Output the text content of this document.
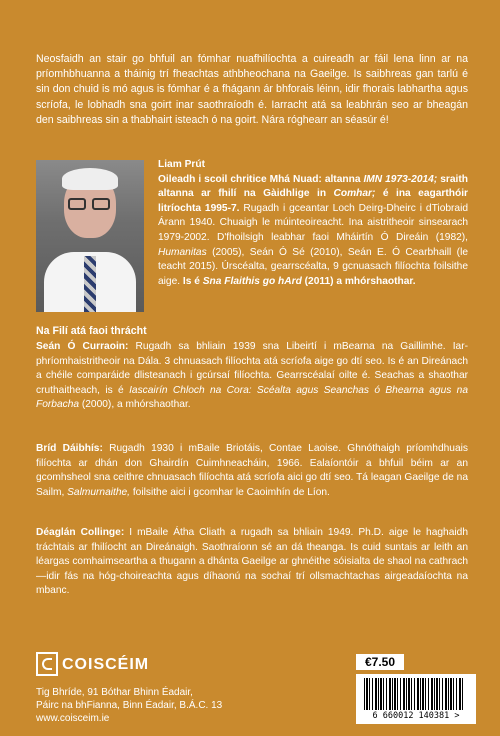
Neosfaidh an stair go bhfuil an fómhar nuafhilíochta a cuireadh ar fáil lena linn ar na príomhbhuanna a tháinig trí fheachtas athbheochana na Gaeilge. Is saibhreas gan tarlú é sin don chuid is mó agus is fómhar é a fhágann ár bhforais léinn, idir fhorais labhartha agus scríofa, le lobhadh sna goirt inar saothraíodh é. Iarracht atá sa leabhrán seo ar bheagán den saibhreas sin a thabhairt isteach ó na goirt. Nára róghearr an séasúr é!

Liam Prút
Oileadh i scoil chritice Mhá Nuad: altanna IMN 1973-2014; sraith altanna ar fhilí na Gàidhlige in Comhar; é ina eagarthóir litríochta 1995-7. Rugadh i gceantar Loch Deirg-Dheirc i dTiobraid Árann 1940. Chuaigh le múinteoireacht. Ina aistritheoir sinsearach 1979-2002. D'fhoilsigh leabhar faoi Mháirtín Ó Direáin (1982), Humanitas (2005), Seán Ó Sé (2010), Seán E. Ó Cearbhaill (le teacht 2015). Úrscéalta, gearrscéalta, 9 gcnuasach filíochta foilsithe aige. Is é Sna Flaithis go hArd (2011) a mhórshaothar.
Na Filí atá faoi thrácht
Seán Ó Curraoin: Rugadh sa bhliain 1939 sna Libeirtí i mBearna na Gaillimhe. Iar-phríomhaistritheoir na Dála. 3 chnuasach filíochta atá scríofa aige go dtí seo. Is é an Direánach a chéile comparáide dlisteanach i gcúrsaí filíochta. Gearrscéalaí oilte é. Seachas a shaothar cruthaitheach, is é Iascairín Chloch na Cora: Scéalta agus Seanchas ó Bhearna agus na Forbacha (2000), a mhórshaothar.
Bríd Dáibhís: Rugadh 1930 i mBaile Briotáis, Contae Laoise. Ghnóthaigh príomhdhuais filíochta ar dhán don Ghairdín Cuimhneacháin, 1966. Ealaíontóir a bhfuil béim ar an gcomhsheol sna ceithre chnuasach filíochta atá scríofa aici go dtí seo. Tá leagan Gaeilge de na Sailm, Salmurnaithe, foilsithe aici i gcomhar le Caoimhín de Líon.
Déaglán Collinge: I mBaile Átha Cliath a rugadh sa bhliain 1949. Ph.D. aige le haghaidh tráchtais ar fhilíocht an Direánaigh. Saothraíonn sé an dá theanga. Is cuid suntais ar leith an léargas comhaimseartha a thugann a dhánta Gaeilge ar ghnéithe sóisialta de shaol na cathrach—idir fás na hóg-choireachta agus díhaonú na sochaí trí ollsmachtachas airgeadaíochta na mbanc.
COISCÉIM
Tig Bhríde, 91 Bóthar Bhinn Éadair,
Páirc na bhFianna, Binn Éadair, B.Á.C. 13
www.coisceim.ie
€7.50
6 660012 140381 >
